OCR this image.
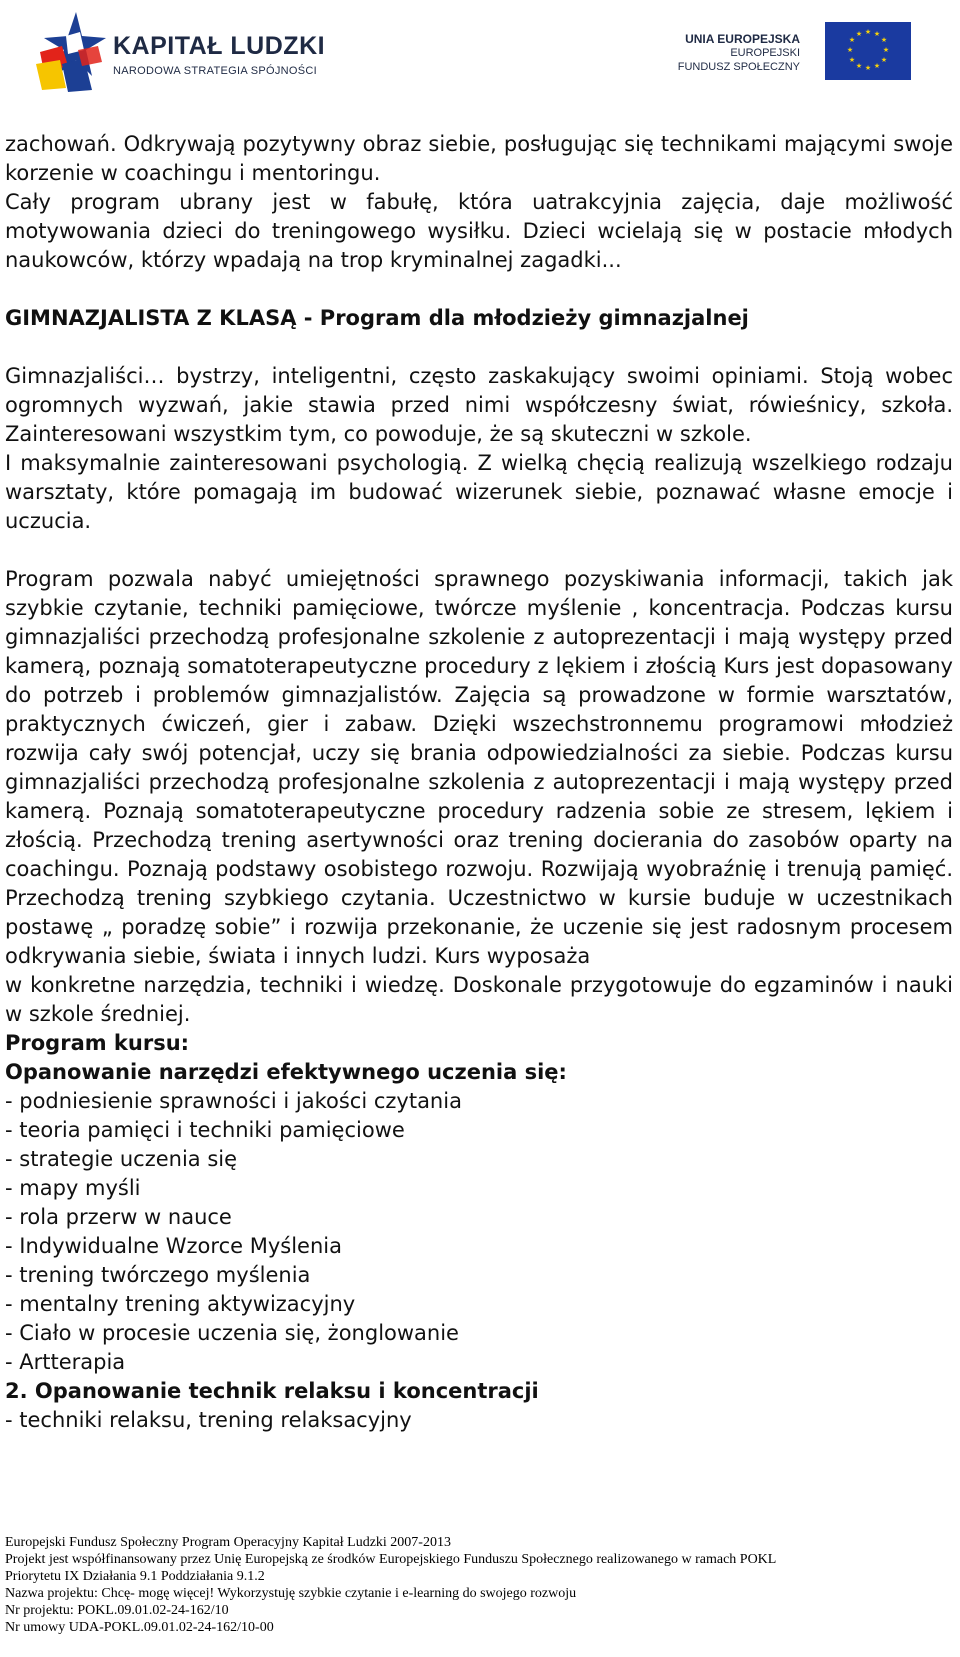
KAPITAŁ LUDZKI
NARODOWA STRATEGIA SPÓJNOŚCI
UNIA EUROPEJSKA
EUROPEJSKI
FUNDUSZ SPOŁECZNY
★ ★
★
★
★
★
★
★
★
★
★
★

zachowań. Odkrywają pozytywny obraz siebie, posługując się technikami mającymi swoje korzenie w coachingu i mentoringu.

Cały program ubrany jest w fabułę, która uatrakcyjnia zajęcia, daje możliwość motywowania dzieci do treningowego wysiłku. Dzieci wcielają się w postacie młodych naukowców, którzy wpadają na trop kryminalnej zagadki...

GIMNAZJALISTA Z KLASĄ - Program dla młodzieży gimnazjalnej

Gimnazjaliści… bystrzy, inteligentni, często zaskakujący swoimi opiniami. Stoją wobec ogromnych wyzwań, jakie stawia przed nimi współczesny świat, rówieśnicy, szkoła. Zainteresowani wszystkim tym, co powoduje, że są skuteczni w szkole.

I maksymalnie zainteresowani psychologią. Z wielką chęcią realizują wszelkiego rodzaju warsztaty, które pomagają im budować wizerunek siebie, poznawać własne emocje i uczucia.

Program pozwala nabyć umiejętności sprawnego pozyskiwania informacji, takich jak szybkie czytanie, techniki pamięciowe, twórcze myślenie , koncentracja. Podczas kursu gimnazjaliści przechodzą profesjonalne szkolenie z autoprezentacji i mają występy przed kamerą, poznają somatoterapeutyczne procedury z lękiem i złością Kurs jest dopasowany do potrzeb i problemów gimnazjalistów. Zajęcia są prowadzone w formie warsztatów, praktycznych ćwiczeń, gier i zabaw. Dzięki wszechstronnemu programowi młodzież rozwija cały swój potencjał, uczy się brania odpowiedzialności za siebie. Podczas kursu gimnazjaliści przechodzą profesjonalne szkolenia z autoprezentacji i mają występy przed kamerą. Poznają somatoterapeutyczne procedury radzenia sobie ze stresem, lękiem i złością. Przechodzą trening asertywności oraz trening docierania do zasobów oparty na coachingu. Poznają podstawy osobistego rozwoju. Rozwijają wyobraźnię i trenują pamięć. Przechodzą trening szybkiego czytania. Uczestnictwo w kursie buduje w uczestnikach postawę „ poradzę sobie” i rozwija przekonanie, że uczenie się jest radosnym procesem odkrywania siebie, świata i innych ludzi. Kurs wyposaża

w konkretne narzędzia, techniki i wiedzę. Doskonale przygotowuje do egzaminów i nauki w szkole średniej.

Program kursu:

Opanowanie narzędzi efektywnego uczenia się:

- podniesienie sprawności i jakości czytania

- teoria pamięci i techniki pamięciowe

- strategie uczenia się

- mapy myśli

- rola przerw w nauce

- Indywidualne Wzorce Myślenia

- trening twórczego myślenia

- mentalny trening aktywizacyjny

- Ciało w procesie uczenia się, żonglowanie

- Artterapia

2. Opanowanie technik relaksu i koncentracji

- techniki relaksu, trening relaksacyjny

Europejski Fundusz Społeczny Program Operacyjny Kapitał Ludzki 2007-2013
Projekt jest współfinansowany przez Unię Europejską ze środków Europejskiego Funduszu Społecznego realizowanego w ramach POKL
Priorytetu IX Działania 9.1 Poddziałania 9.1.2
Nazwa projektu: Chcę- mogę więcej! Wykorzystuję szybkie czytanie i e-learning do swojego rozwoju
Nr projektu: POKL.09.01.02-24-162/10
Nr umowy UDA-POKL.09.01.02-24-162/10-00
